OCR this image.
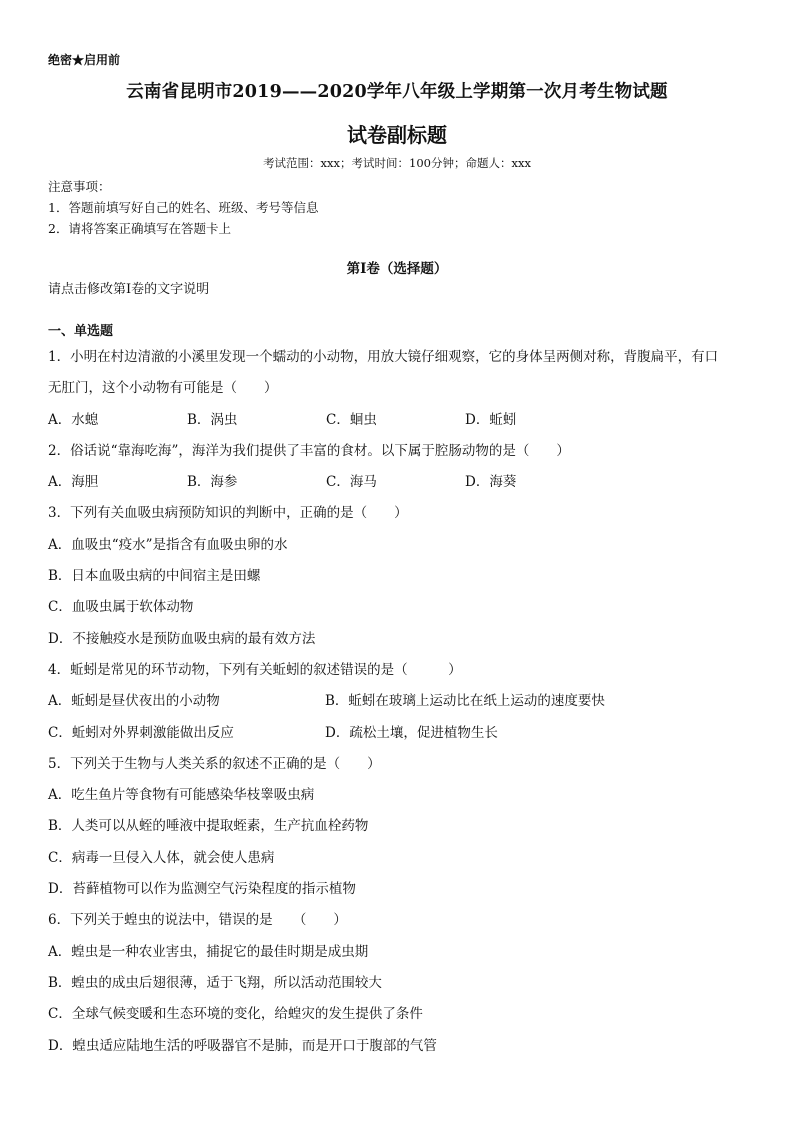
绝密★启用前
云南省昆明市2019——2020学年八年级上学期第一次月考生物试题
试卷副标题
考试范围：xxx；考试时间：100分钟；命题人：xxx
注意事项：
1．答题前填写好自己的姓名、班级、考号等信息
2．请将答案正确填写在答题卡上
第I卷（选择题）
请点击修改第I卷的文字说明
一、单选题
1．小明在村边清澈的小溪里发现一个蠕动的小动物，用放大镜仔细观察，它的身体呈两侧对称，背腹扁平，有口
无肛门，这个小动物有可能是（　　）
A．水螅	B．涡虫	C．蛔虫	D．蚯蚓
2．俗话说“靠海吃海”，海洋为我们提供了丰富的食材。以下属于腔肠动物的是（　　）
A．海胆	B．海参	C．海马	D．海葵
3．下列有关血吸虫病预防知识的判断中，正确的是（　　）
A．血吸虫“疫水”是指含有血吸虫卵的水
B．日本血吸虫病的中间宿主是田螺
C．血吸虫属于软体动物
D．不接触疫水是预防血吸虫病的最有效方法
4．蚯蚓是常见的环节动物，下列有关蚯蚓的叙述错误的是（　　　）
A．蚯蚓是昼伏夜出的小动物	B．蚯蚓在玻璃上运动比在纸上运动的速度要快
C．蚯蚓对外界刺激能做出反应	D．疏松土壤，促进植物生长
5．下列关于生物与人类关系的叙述不正确的是（　　）
A．吃生鱼片等食物有可能感染华枝睾吸虫病
B．人类可以从蛭的唾液中提取蛭素，生产抗血栓药物
C．病毒一旦侵入人体，就会使人患病
D．苔藓植物可以作为监测空气污染程度的指示植物
6．下列关于蝗虫的说法中，错误的是　　（　　）
A．蝗虫是一种农业害虫，捕捉它的最佳时期是成虫期
B．蝗虫的成虫后翅很薄，适于飞翔，所以活动范围较大
C．全球气候变暖和生态环境的变化，给蝗灾的发生提供了条件
D．蝗虫适应陆地生活的呼吸器官不是肺，而是开口于腹部的气管
